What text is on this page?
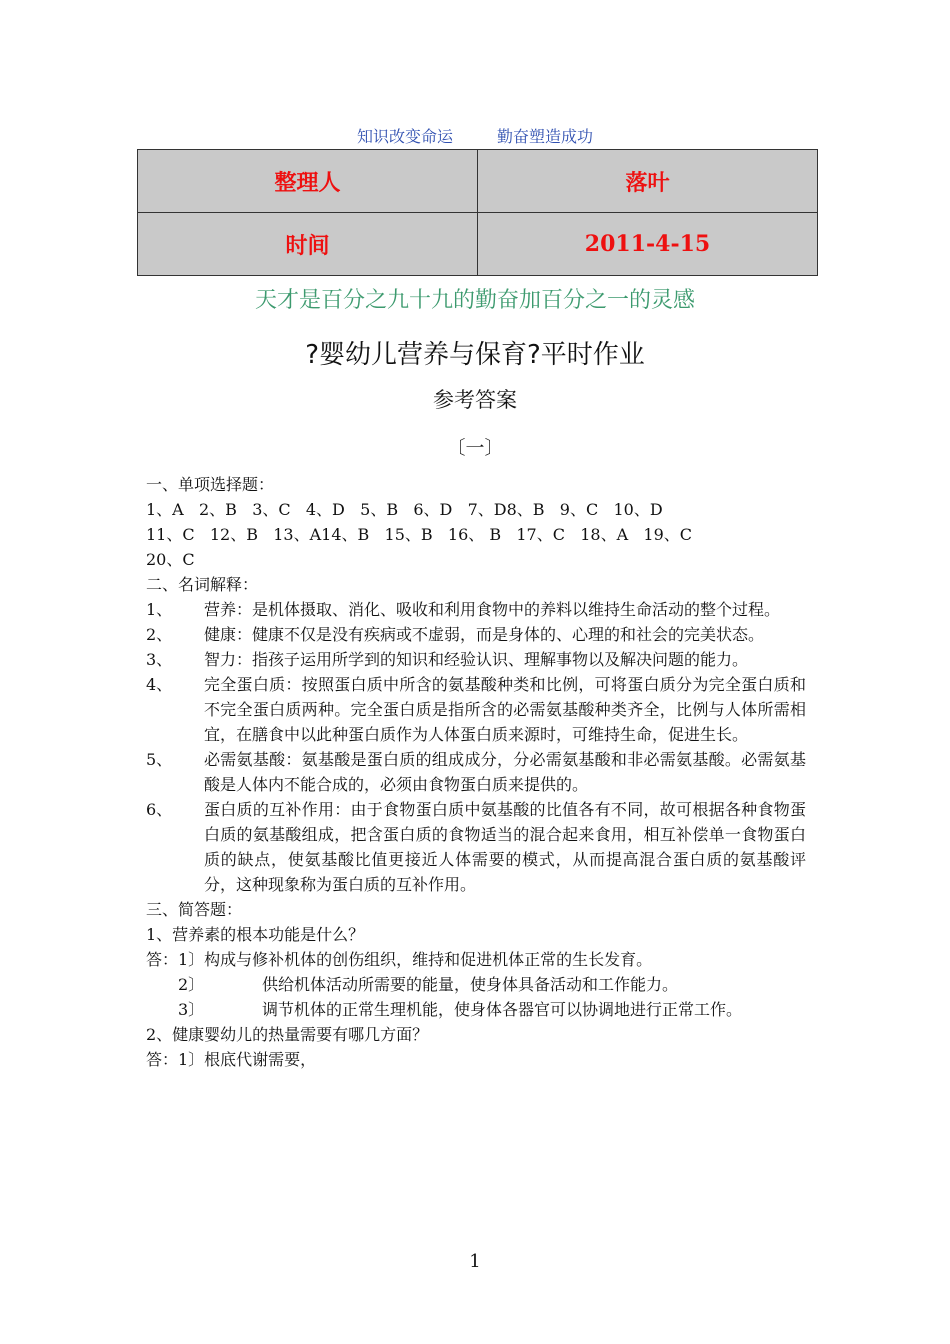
知识改变命运	勤奋塑造成功
整理人	落叶
时间	2011-4-15
天才是百分之九十九的勤奋加百分之一的灵感
?婴幼儿营养与保育?平时作业
参考答案
〔一〕
一、单项选择题：
1、A   2、B   3、C   4、D   5、B   6、D   7、D8、B   9、C   10、D
11、C   12、B   13、A14、B   15、B   16、 B   17、C   18、A   19、C
20、C
二、名词解释：
1、	营养：是机体摄取、消化、吸收和利用食物中的养料以维持生命活动的整个过程。
2、	健康：健康不仅是没有疾病或不虚弱，而是身体的、心理的和社会的完美状态。
3、	智力：指孩子运用所学到的知识和经验认识、理解事物以及解决问题的能力。
4、	完全蛋白质：按照蛋白质中所含的氨基酸种类和比例，可将蛋白质分为完全蛋白质和不完全蛋白质两种。完全蛋白质是指所含的必需氨基酸种类齐全，比例与人体所需相宜，在膳食中以此种蛋白质作为人体蛋白质来源时，可维持生命，促进生长。
5、	必需氨基酸：氨基酸是蛋白质的组成成分，分必需氨基酸和非必需氨基酸。必需氨基酸是人体内不能合成的，必须由食物蛋白质来提供的。
6、	蛋白质的互补作用：由于食物蛋白质中氨基酸的比值各有不同，故可根据各种食物蛋白质的氨基酸组成，把含蛋白质的食物适当的混合起来食用，相互补偿单一食物蛋白质的缺点，使氨基酸比值更接近人体需要的模式，从而提高混合蛋白质的氨基酸评分，这种现象称为蛋白质的互补作用。
三、简答题：
1、营养素的根本功能是什么？
答：1〕构成与修补机体的创伤组织，维持和促进机体正常的生长发育。
2〕	供给机体活动所需要的能量，使身体具备活动和工作能力。
3〕	调节机体的正常生理机能，使身体各器官可以协调地进行正常工作。
2、健康婴幼儿的热量需要有哪几方面？
答：1〕根底代谢需要，
1
